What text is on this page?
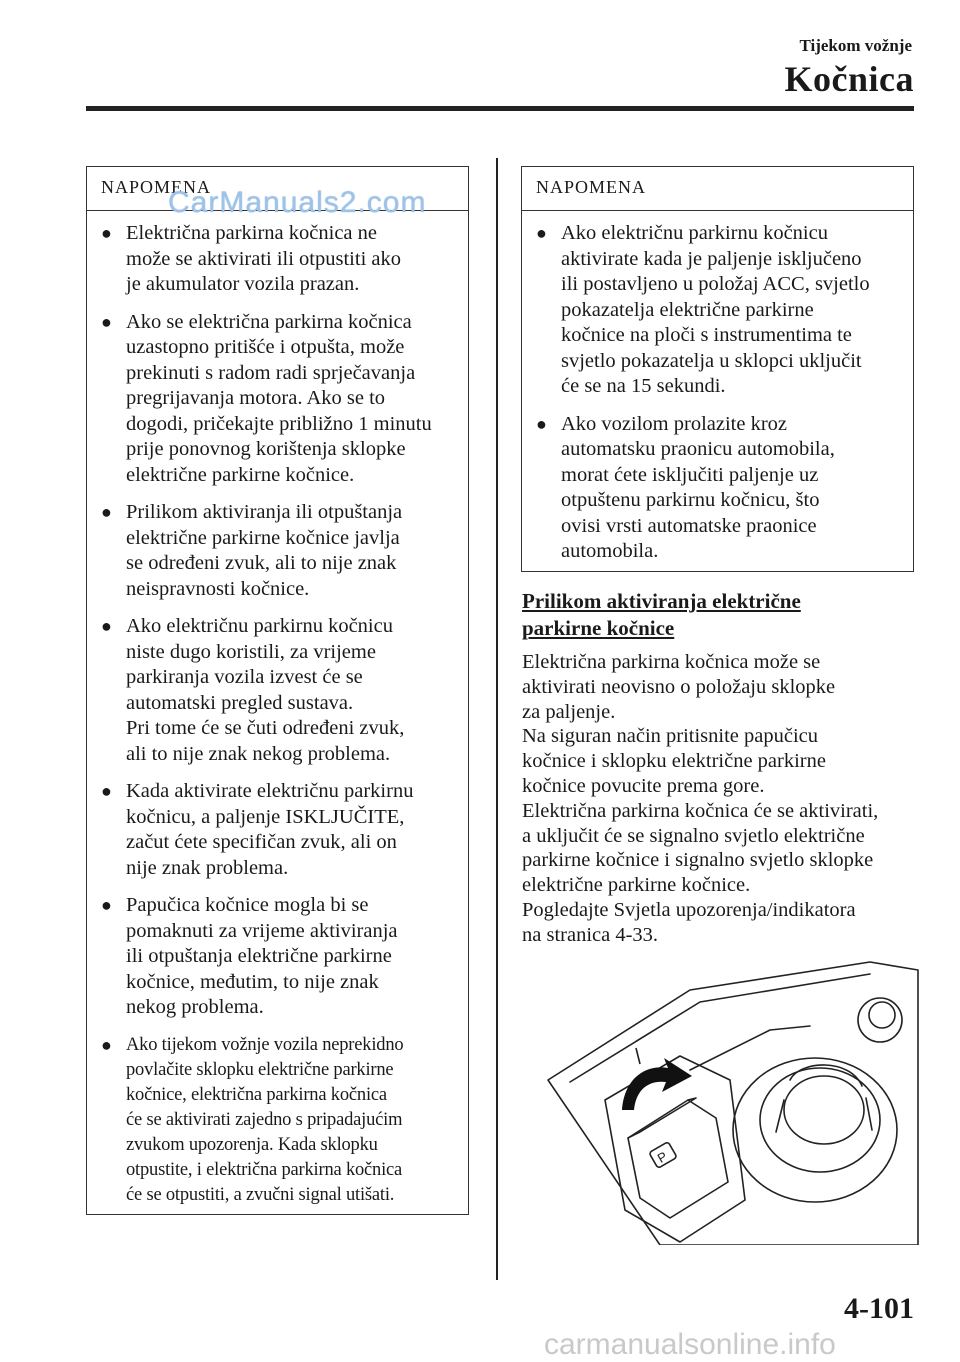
Tijekom vožnje
Kočnica
NAPOMENA
● Električna parkirna kočnica ne
može se aktivirati ili otpustiti ako
je akumulator vozila prazan.
● Ako se električna parkirna kočnica
uzastopno pritišće i otpušta, može
prekinuti s radom radi sprječavanja
pregrijavanja motora. Ako se to
dogodi, pričekajte približno 1 minutu
prije ponovnog korištenja sklopke
električne parkirne kočnice.
● Prilikom aktiviranja ili otpuštanja
električne parkirne kočnice javlja
se određeni zvuk, ali to nije znak
neispravnosti kočnice.
● Ako električnu parkirnu kočnicu
niste dugo koristili, za vrijeme
parkiranja vozila izvest će se
automatski pregled sustava.
Pri tome će se čuti određeni zvuk,
ali to nije znak nekog problema.
● Kada aktivirate električnu parkirnu
kočnicu, a paljenje ISKLJUČITE,
začut ćete specifičan zvuk, ali on
nije znak problema.
● Papučica kočnice mogla bi se
pomaknuti za vrijeme aktiviranja
ili otpuštanja električne parkirne
kočnice, međutim, to nije znak
nekog problema.
● Ako tijekom vožnje vozila neprekidno
povlačite sklopku električne parkirne
kočnice, električna parkirna kočnica
će se aktivirati zajedno s pripadajućim
zvukom upozorenja. Kada sklopku
otpustite, i električna parkirna kočnica
će se otpustiti, a zvučni signal utišati.
CarManuals2.com	NAPOMENA
● Ako električnu parkirnu kočnicu
aktivirate kada je paljenje isključeno
ili postavljeno u položaj ACC, svjetlo
pokazatelja električne parkirne
kočnice na ploči s instrumentima te
svjetlo pokazatelja u sklopci uključit
će se na 15 sekundi.
● Ako vozilom prolazite kroz
automatsku praonicu automobila,
morat ćete isključiti paljenje uz
otpuštenu parkirnu kočnicu, što
ovisi vrsti automatske praonice
automobila.
Prilikom aktiviranja električne
parkirne kočnice
Električna parkirna kočnica može se
aktivirati neovisno o položaju sklopke
za paljenje.
Na siguran način pritisnite papučicu
kočnice i sklopku električne parkirne
kočnice povucite prema gore.
Električna parkirna kočnica će se aktivirati,
a uključit će se signalno svjetlo električne
parkirne kočnice i signalno svjetlo sklopke
električne parkirne kočnice.
Pogledajte Svjetla upozorenja/indikatora
na stranica 4-33.
P
4-101
carmanualsonline.info
